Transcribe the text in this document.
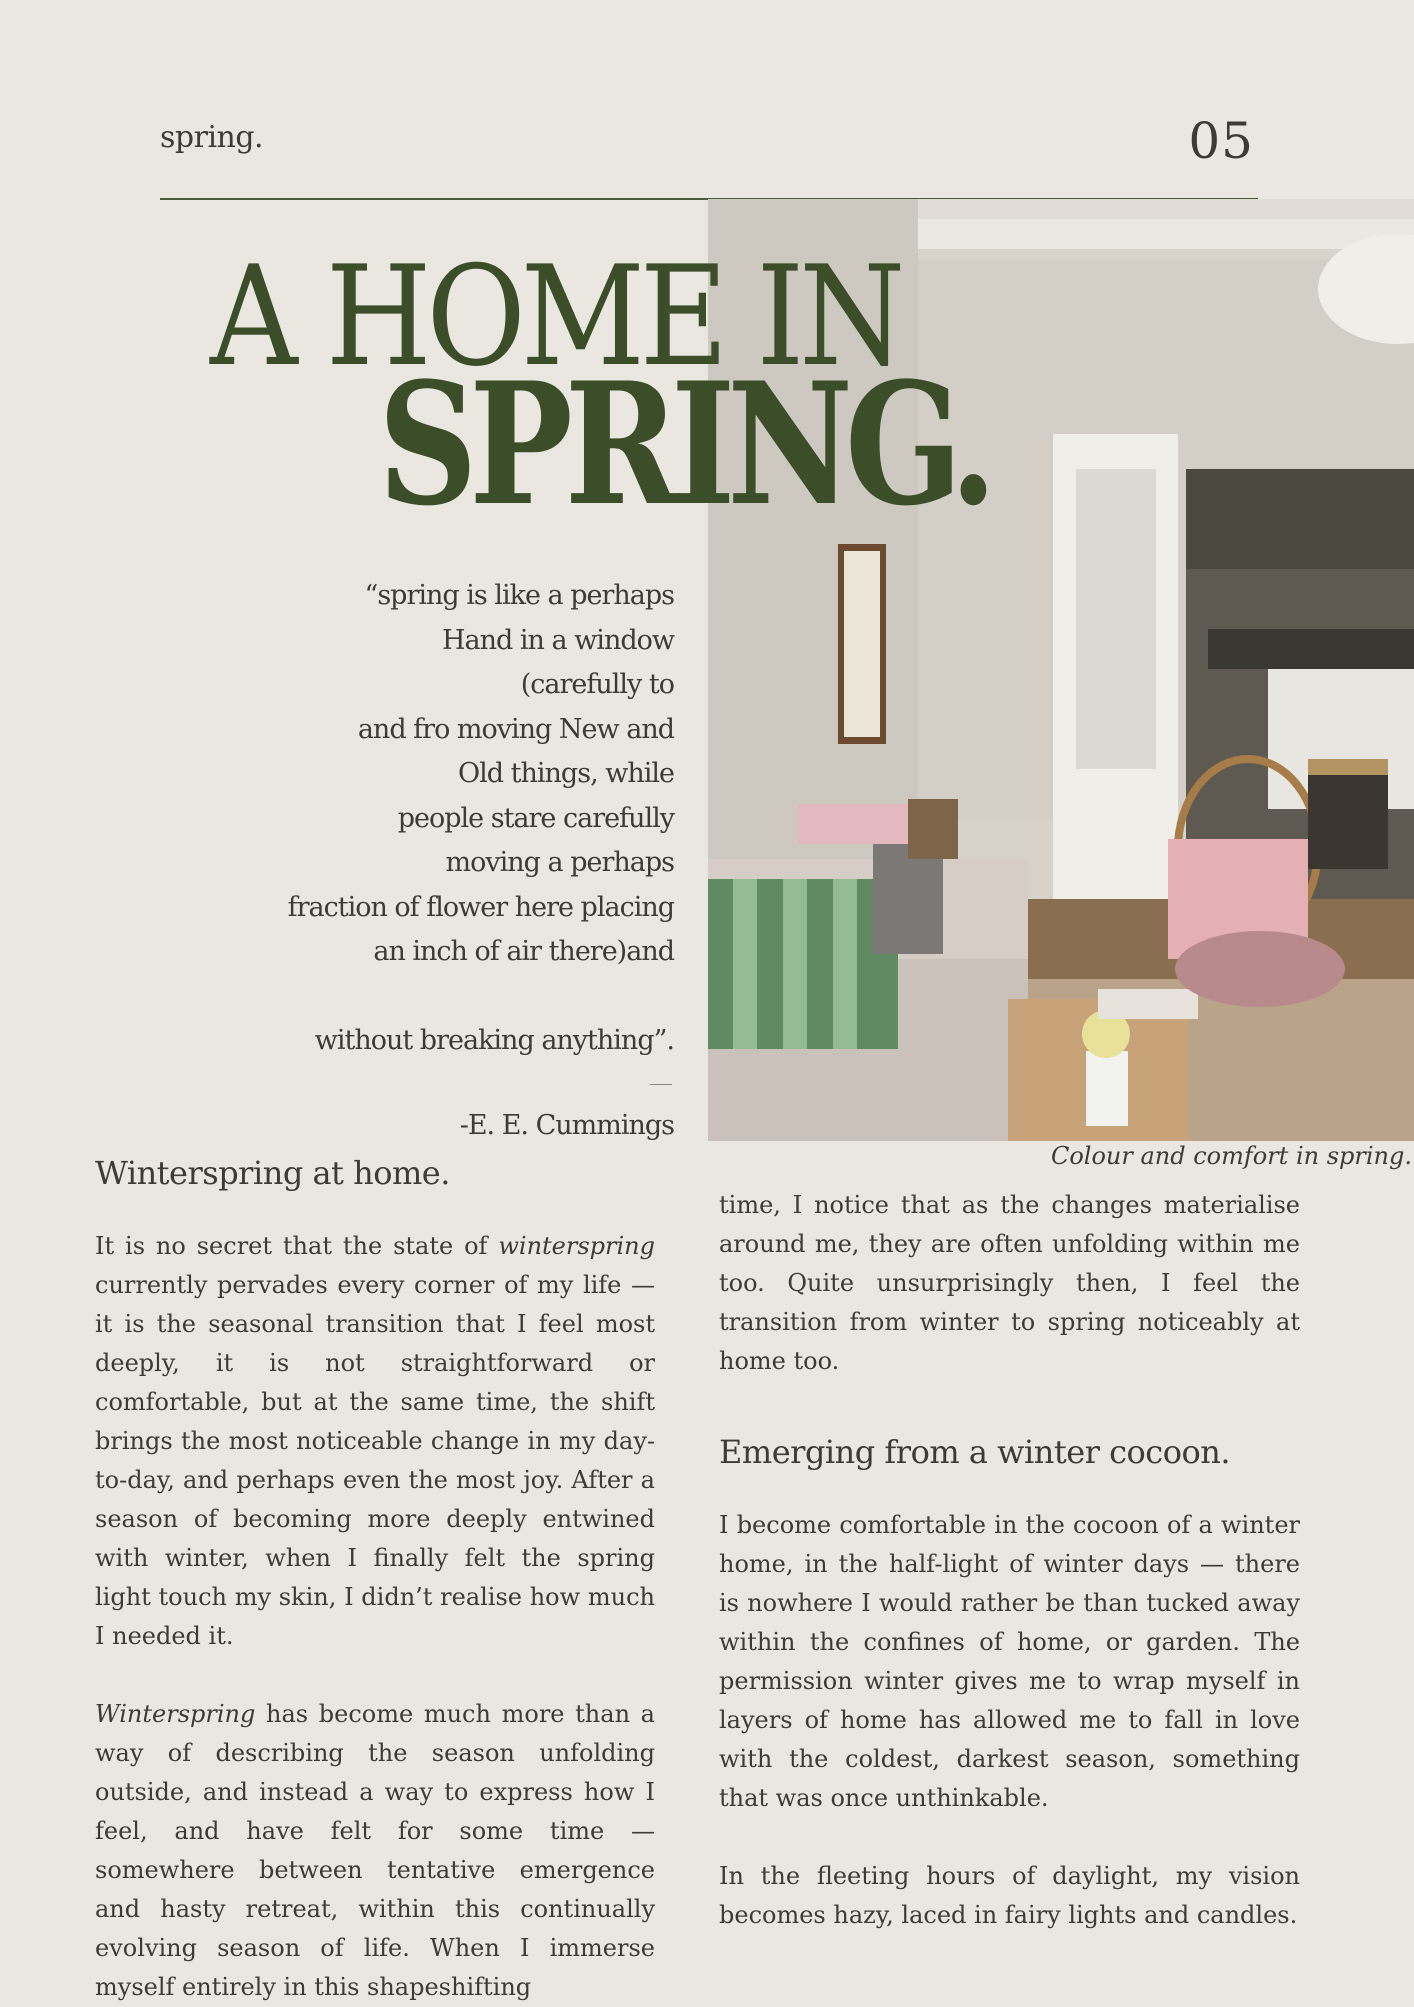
spring.	05
Colour and comfort in spring.
A HOME IN
SPRING.
“spring is like a perhaps
Hand in a window
(carefully to
and fro moving New and
Old things, while
people stare carefully
moving a perhaps
fraction of flower here placing
an inch of air there)and
without breaking anything”.
-E. E. Cummings
Winterspring at home.

It is no secret that the state of winterspring currently pervades every corner of my life — it is the seasonal transition that I feel most deeply, it is not straightforward or comfortable, but at the same time, the shift brings the most noticeable change in my day-to-day, and perhaps even the most joy. After a season of becoming more deeply entwined with winter, when I finally felt the spring light touch my skin, I didn’t realise how much I needed it.

Winterspring has become much more than a way of describing the season unfolding outside, and instead a way to express how I feel, and have felt for some time — somewhere between tentative emergence and hasty retreat, within this continually evolving season of life. When I immerse myself entirely in this shapeshifting

time, I notice that as the changes materialise around me, they are often unfolding within me too. Quite unsurprisingly then, I feel the transition from winter to spring noticeably at home too.

Emerging from a winter cocoon.

I become comfortable in the cocoon of a winter home, in the half-light of winter days — there is nowhere I would rather be than tucked away within the confines of home, or garden. The permission winter gives me to wrap myself in layers of home has allowed me to fall in love with the coldest, darkest season, something that was once unthinkable.

In the fleeting hours of daylight, my vision becomes hazy, laced in fairy lights and candles.
